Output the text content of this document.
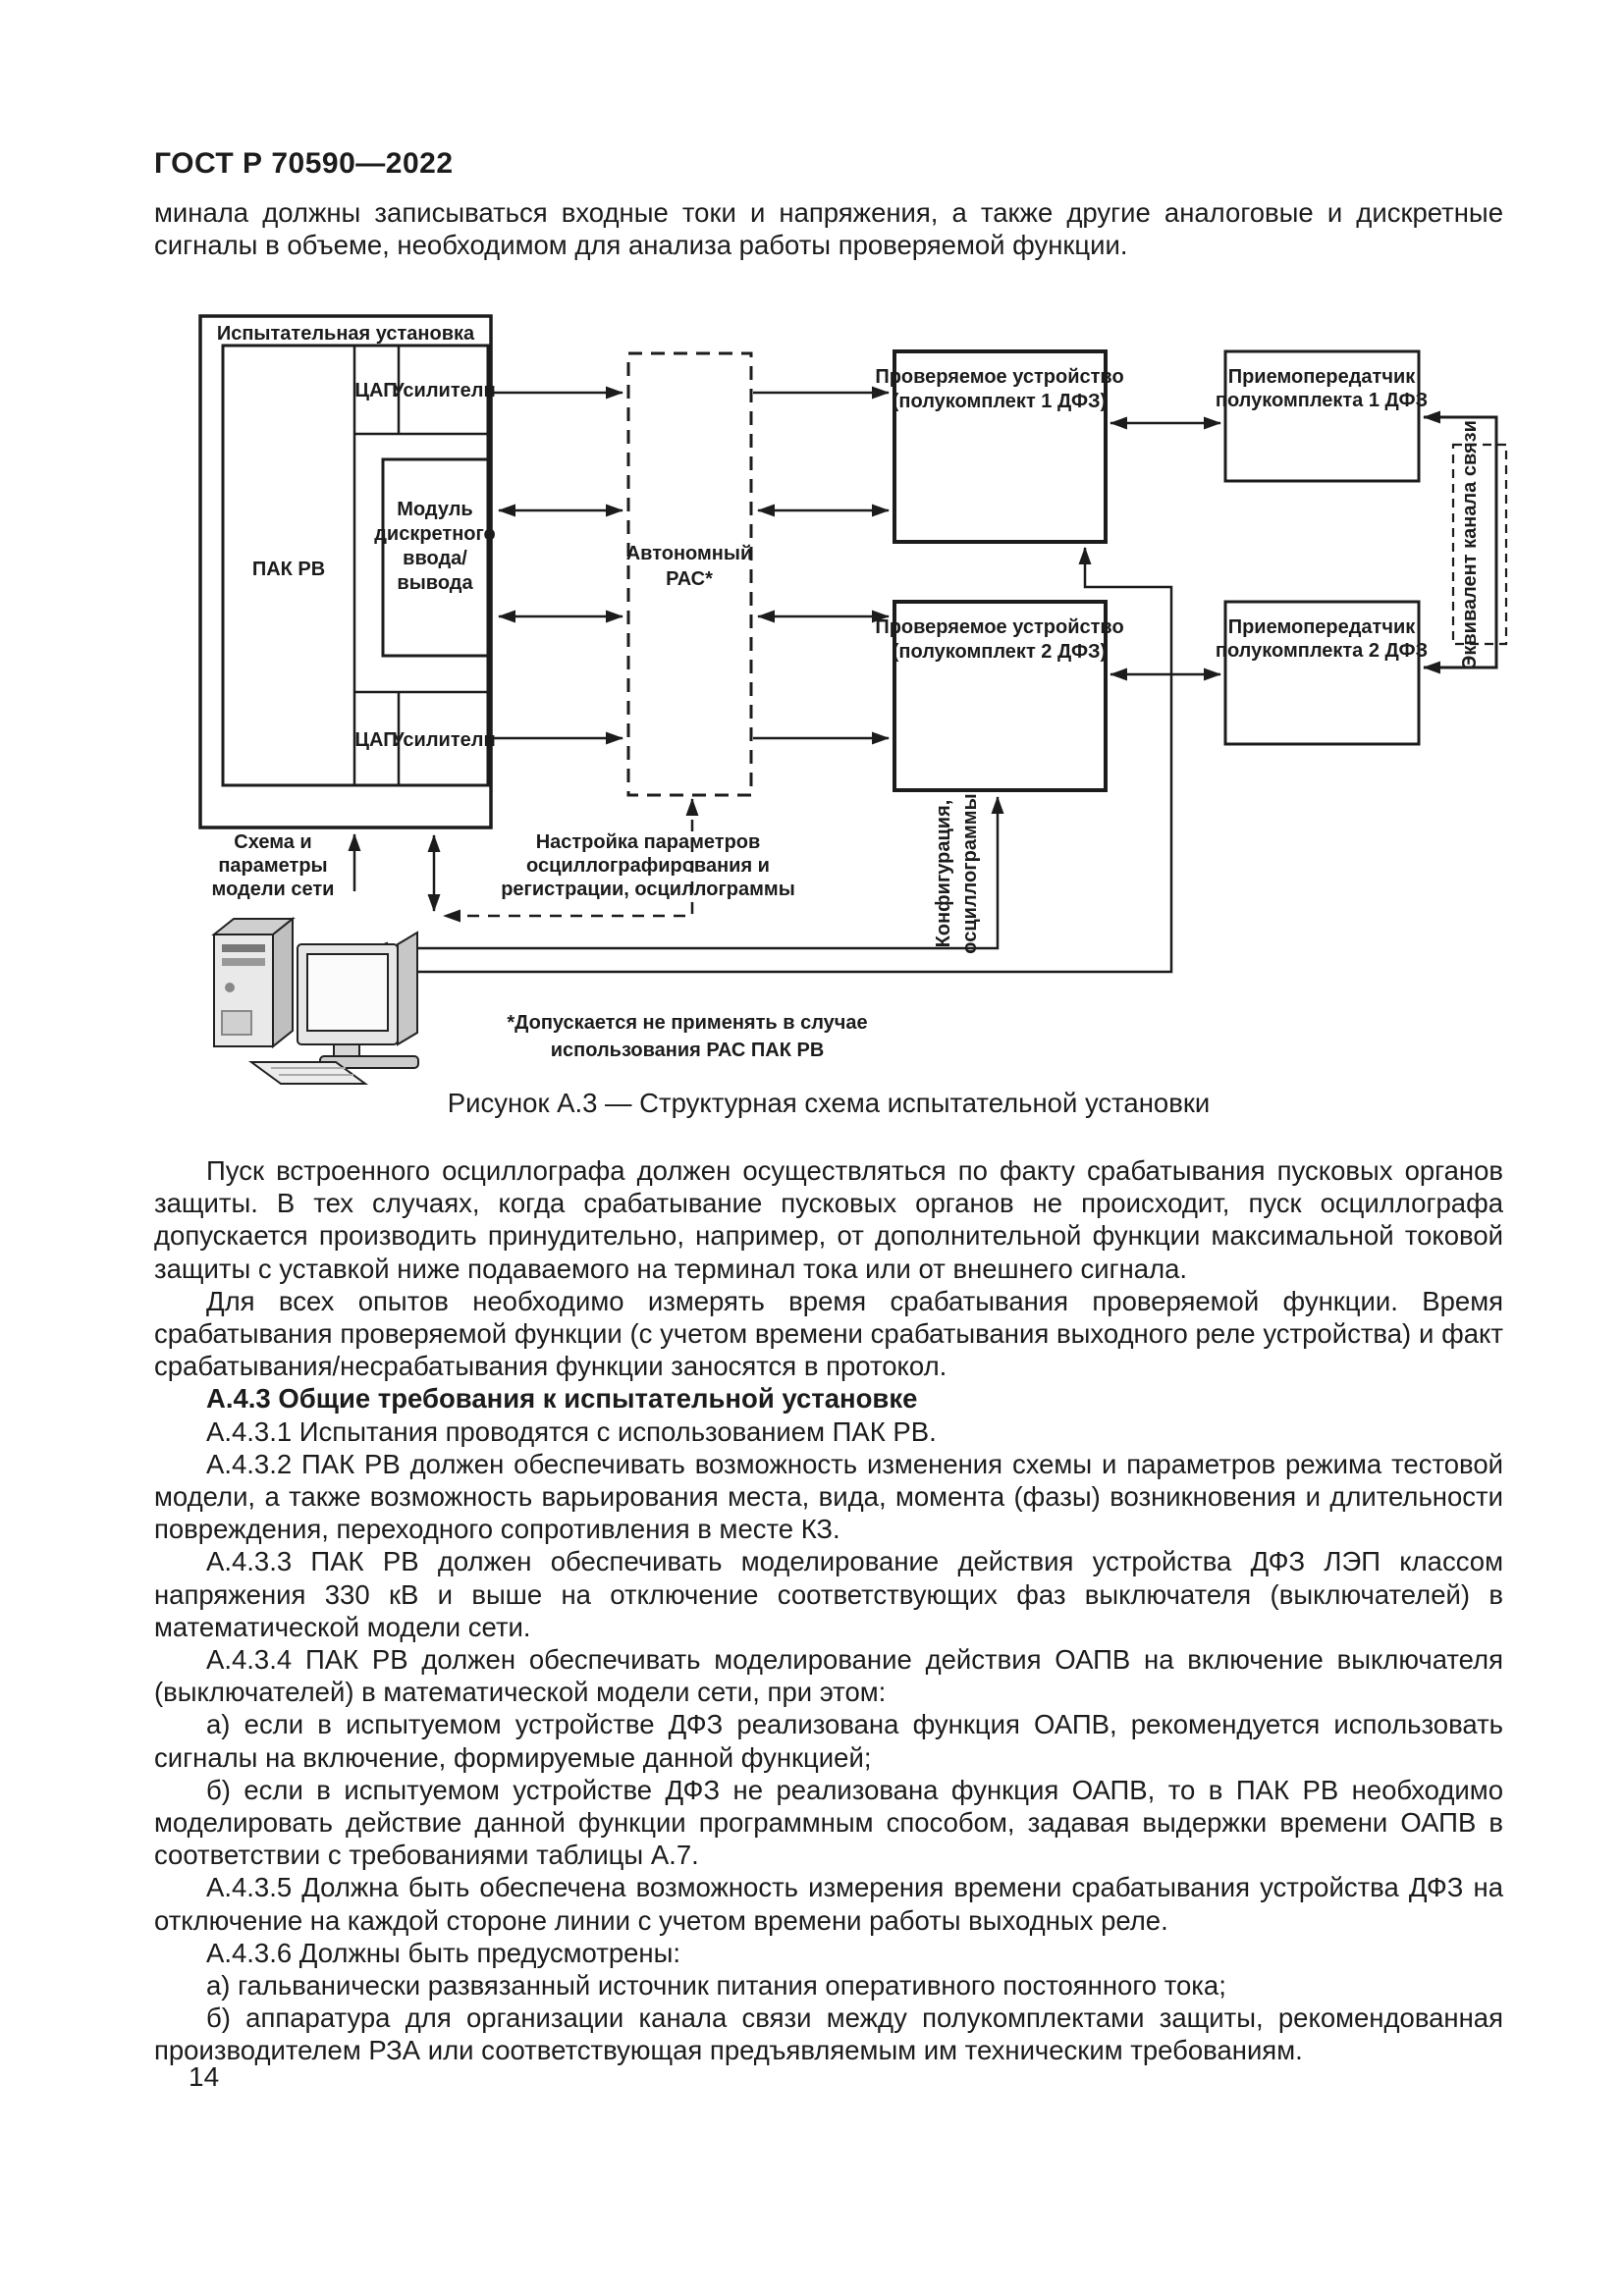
ГОСТ Р 70590—2022
минала должны записываться входные токи и напряжения, а также другие аналоговые и дискретные сигналы в объеме, необходимом для анализа работы проверяемой функции.
Испытательная установка
ПАК РВ
ЦАП
Усилители
Модуль
дискретного
ввода/
вывода
ЦАП
Усилители
Автономный
РАС*
Проверяемое устройство
(полукомплект 1 ДФЗ)
Проверяемое устройство
(полукомплект 2 ДФЗ)
Приемопередатчик
полукомплекта 1 ДФЗ
Приемопередатчик
полукомплекта 2 ДФЗ Эквивалент канала связи
Конфигурация, осциллограммы
Схема и
параметры
модели сети
Настройка параметров
осциллографирования и
регистрации, осциллограммы
*Допускается не применять в случае
использования РАС ПАК РВ
Рисунок А.3 — Структурная схема испытательной установки

Пуск встроенного осциллографа должен осуществляться по факту срабатывания пусковых органов защиты. В тех случаях, когда срабатывание пусковых органов не происходит, пуск осциллографа допускается производить принудительно, например, от дополнительной функции максимальной токовой защиты с уставкой ниже подаваемого на терминал тока или от внешнего сигнала.

Для всех опытов необходимо измерять время срабатывания проверяемой функции. Время срабатывания проверяемой функции (с учетом времени срабатывания выходного реле устройства) и факт срабатывания/несрабатывания функции заносятся в протокол.

А.4.3 Общие требования к испытательной установке

А.4.3.1 Испытания проводятся с использованием ПАК РВ.

А.4.3.2 ПАК РВ должен обеспечивать возможность изменения схемы и параметров режима тестовой модели, а также возможность варьирования места, вида, момента (фазы) возникновения и длительности повреждения, переходного сопротивления в месте КЗ.

А.4.3.3 ПАК РВ должен обеспечивать моделирование действия устройства ДФЗ ЛЭП классом напряжения 330 кВ и выше на отключение соответствующих фаз выключателя (выключателей) в математической модели сети.

А.4.3.4 ПАК РВ должен обеспечивать моделирование действия ОАПВ на включение выключателя (выключателей) в математической модели сети, при этом:

а) если в испытуемом устройстве ДФЗ реализована функция ОАПВ, рекомендуется использовать сигналы на включение, формируемые данной функцией;

б) если в испытуемом устройстве ДФЗ не реализована функция ОАПВ, то в ПАК РВ необходимо моделировать действие данной функции программным способом, задавая выдержки времени ОАПВ в соответствии с требованиями таблицы А.7.

А.4.3.5 Должна быть обеспечена возможность измерения времени срабатывания устройства ДФЗ на отключение на каждой стороне линии с учетом времени работы выходных реле.

А.4.3.6 Должны быть предусмотрены:

а) гальванически развязанный источник питания оперативного постоянного тока;

б) аппаратура для организации канала связи между полукомплектами защиты, рекомендованная производителем РЗА или соответствующая предъявляемым им техническим требованиям.

14
